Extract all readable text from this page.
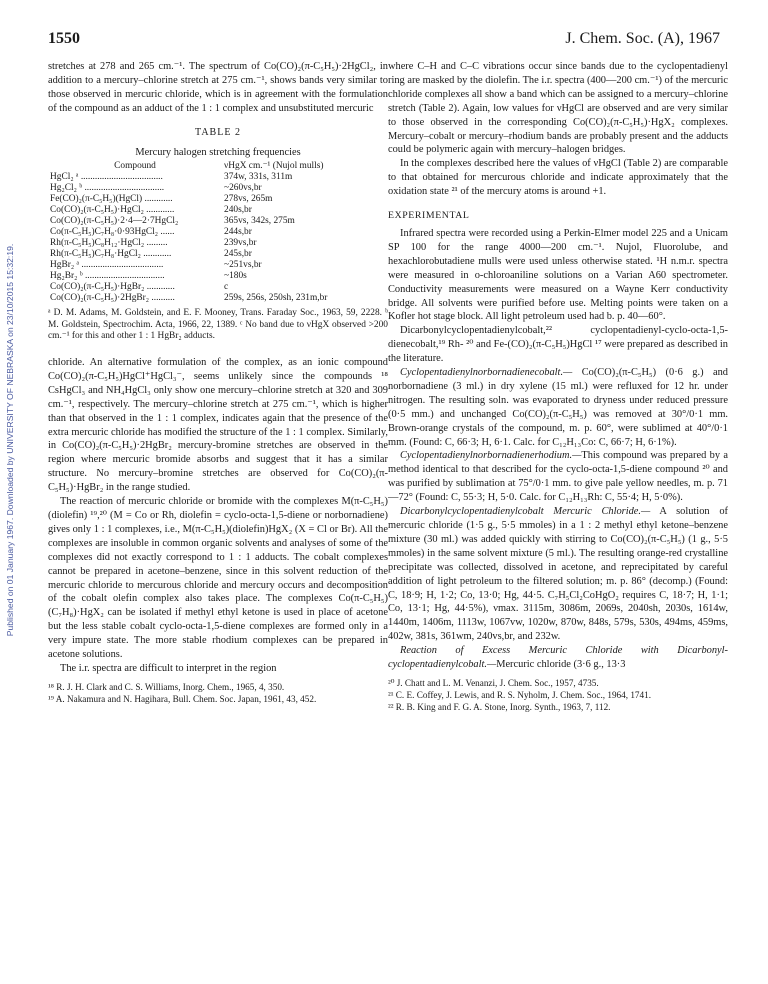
1550	J. Chem. Soc. (A), 1967
Published on 01 January 1967. Downloaded by UNIVERSITY OF NEBRASKA on 23/10/2015 15:32:19.

stretches at 278 and 265 cm.⁻¹. The spectrum of Co(CO)₂(π-C₅H₅)·2HgCl₂, in addition to a mercury–chlorine stretch at 275 cm.⁻¹, shows bands very similar to those observed in mercuric chloride, which is in agreement with the formulation of the compound as an adduct of the 1 : 1 complex and unsubstituted mercuric

TABLE 2
Mercury halogen stretching frequencies
Compound	νHgX cm.⁻¹ (Nujol mulls)
HgCl₂ ᵃ ...................................	374w, 331s, 311m
Hg₂Cl₂ ᵇ ..................................	~260vs,br
Fe(CO)₂(π-C₅H₅)(HgCl) ............	278vs, 265m
Co(CO)₂(π-C₅H₅)·HgCl₂ ............	240s,br
Co(CO)₂(π-C₅H₅)·2·4—2·7HgCl₂	365vs, 342s, 275m
Co(π-C₅H₅)C₇H₈·0·93HgCl₂ ......	244s,br
Rh(π-C₅H₅)C₈H₁₂·HgCl₂ .........	239vs,br
Rh(π-C₅H₅)C₇H₈·HgCl₂ ............	245s,br
HgBr₂ ᵃ ...................................	~251vs,br
Hg₂Br₂ ᵇ ..................................	~180s
Co(CO)₂(π-C₅H₅)·HgBr₂ ............	c
Co(CO)₂(π-C₅H₅)·2HgBr₂ ..........	259s, 256s, 250sh, 231m,br
ᵃ D. M. Adams, M. Goldstein, and E. F. Mooney, Trans. Faraday Soc., 1963, 59, 2228. ᵇ M. Goldstein, Spectrochim. Acta, 1966, 22, 1389. ᶜ No band due to νHgX observed >200 cm.⁻¹ for this and other 1 : 1 HgBr₂ adducts.

chloride. An alternative formulation of the complex, as an ionic compound Co(CO)₂(π-C₅H₅)HgCl⁺HgCl₃⁻, seems unlikely since the compounds ¹⁸ CsHgCl₃ and NH₄HgCl₃ only show one mercury–chlorine stretch at 320 and 309 cm.⁻¹, respectively. The mercury–chlorine stretch at 275 cm.⁻¹, which is higher than that observed in the 1 : 1 complex, indicates again that the presence of the extra mercuric chloride has modified the structure of the 1 : 1 complex. Similarly, in Co(CO)₂(π-C₅H₅)·2HgBr₂ mercury-bromine stretches are observed in the region where mercuric bromide absorbs and suggest that it has a similar structure. No mercury–bromine stretches are observed for Co(CO)₂(π-C₅H₅)·HgBr₂ in the range studied.

The reaction of mercuric chloride or bromide with the complexes M(π-C₅H₅)(diolefin) ¹⁹,²⁰ (M = Co or Rh, diolefin = cyclo-octa-1,5-diene or norbornadiene) gives only 1 : 1 complexes, i.e., M(π-C₅H₅)(diolefin)HgX₂ (X = Cl or Br). All the complexes are insoluble in common organic solvents and analyses of some of the complexes did not exactly correspond to 1 : 1 adducts. The cobalt complexes cannot be prepared in acetone–benzene, since in this solvent reduction of the mercuric chloride to mercurous chloride and mercury occurs and decomposition of the cobalt olefin complex also takes place. The complexes Co(π-C₅H₅)(C₇H₈)·HgX₂ can be isolated if methyl ethyl ketone is used in place of acetone but the less stable cobalt cyclo-octa-1,5-diene complexes are formed only in a very impure state. The more stable rhodium complexes can be prepared in acetone solutions.

The i.r. spectra are difficult to interpret in the region

¹⁸ R. J. H. Clark and C. S. Williams, Inorg. Chem., 1965, 4, 350.
¹⁹ A. Nakamura and N. Hagihara, Bull. Chem. Soc. Japan, 1961, 43, 452.

where C–H and C–C vibrations occur since bands due to the cyclopentadienyl ring are masked by the diolefin. The i.r. spectra (400—200 cm.⁻¹) of the mercuric chloride complexes all show a band which can be assigned to a mercury–chlorine stretch (Table 2). Again, low values for νHgCl are observed and are very similar to those observed in the corresponding Co(CO)₂(π-C₅H₅)·HgX₂ complexes. Mercury–cobalt or mercury–rhodium bands are probably present and the adducts could be polymeric again with mercury–halogen bridges.

In the complexes described here the values of νHgCl (Table 2) are comparable to that obtained for mercurous chloride and indicate approximately that the oxidation state ²¹ of the mercury atoms is around +1.

EXPERIMENTAL

Infrared spectra were recorded using a Perkin-Elmer model 225 and a Unicam SP 100 for the range 4000—200 cm.⁻¹. Nujol, Fluorolube, and hexachlorobutadiene mulls were used unless otherwise stated. ¹H n.m.r. spectra were measured in o-chloroaniline solutions on a Varian A60 spectrometer. Conductivity measurements were measured on a Wayne Kerr conductivity bridge. All solvents were purified before use. Melting points were taken on a Kofler hot stage block. All light petroleum used had b. p. 40—60°.

Dicarbonylcyclopentadienylcobalt,²² cyclopentadienyl-cyclo-octa-1,5-dienecobalt,¹⁹ Rh- ²⁰ and Fe-(CO)₂(π-C₅H₅)HgCl ¹⁷ were prepared as described in the literature.

Cyclopentadienylnorbornadienecobalt.— Co(CO)₂(π-C₅H₅) (0·6 g.) and norbornadiene (3 ml.) in dry xylene (15 ml.) were refluxed for 12 hr. under nitrogen. The resulting soln. was evaporated to dryness under reduced pressure (0·5 mm.) and unchanged Co(CO)₂(π-C₅H₅) was removed at 30°/0·1 mm. Brown-orange crystals of the compound, m. p. 60°, were sublimed at 40°/0·1 mm. (Found: C, 66·3; H, 6·1. Calc. for C₁₂H₁₃Co: C, 66·7; H, 6·1%).

Cyclopentadienylnorbornadienerhodium.—This compound was prepared by a method identical to that described for the cyclo-octa-1,5-diene compound ²⁰ and was purified by sublimation at 75°/0·1 mm. to give pale yellow needles, m. p. 71—72° (Found: C, 55·3; H, 5·0. Calc. for C₁₂H₁₃Rh: C, 55·4; H, 5·0%).

Dicarbonylcyclopentadienylcobalt Mercuric Chloride.— A solution of mercuric chloride (1·5 g., 5·5 mmoles) in a 1 : 2 methyl ethyl ketone–benzene mixture (30 ml.) was added quickly with stirring to Co(CO)₂(π-C₅H₅) (1 g., 5·5 mmoles) in the same solvent mixture (5 ml.). The resulting orange-red crystalline precipitate was collected, dissolved in acetone, and reprecipitated by careful addition of light petroleum to the filtered solution; m. p. 86° (decomp.) (Found: C, 18·9; H, 1·2; Co, 13·0; Hg, 44·5. C₇H₅Cl₂CoHgO₂ requires C, 18·7; H, 1·1; Co, 13·1; Hg, 44·5%), νmax. 3115m, 3086m, 2069s, 2040sh, 2030s, 1614w, 1440m, 1406m, 1113w, 1067vw, 1020w, 870w, 848s, 579s, 530s, 494ms, 459ms, 402w, 381s, 361wm, 240vs,br, and 232w.

Reaction of Excess Mercuric Chloride with Dicarbonyl-cyclopentadienylcobalt.—Mercuric chloride (3·6 g., 13·3

²⁰ J. Chatt and L. M. Venanzi, J. Chem. Soc., 1957, 4735.
²¹ C. E. Coffey, J. Lewis, and R. S. Nyholm, J. Chem. Soc., 1964, 1741.
²² R. B. King and F. G. A. Stone, Inorg. Synth., 1963, 7, 112.
